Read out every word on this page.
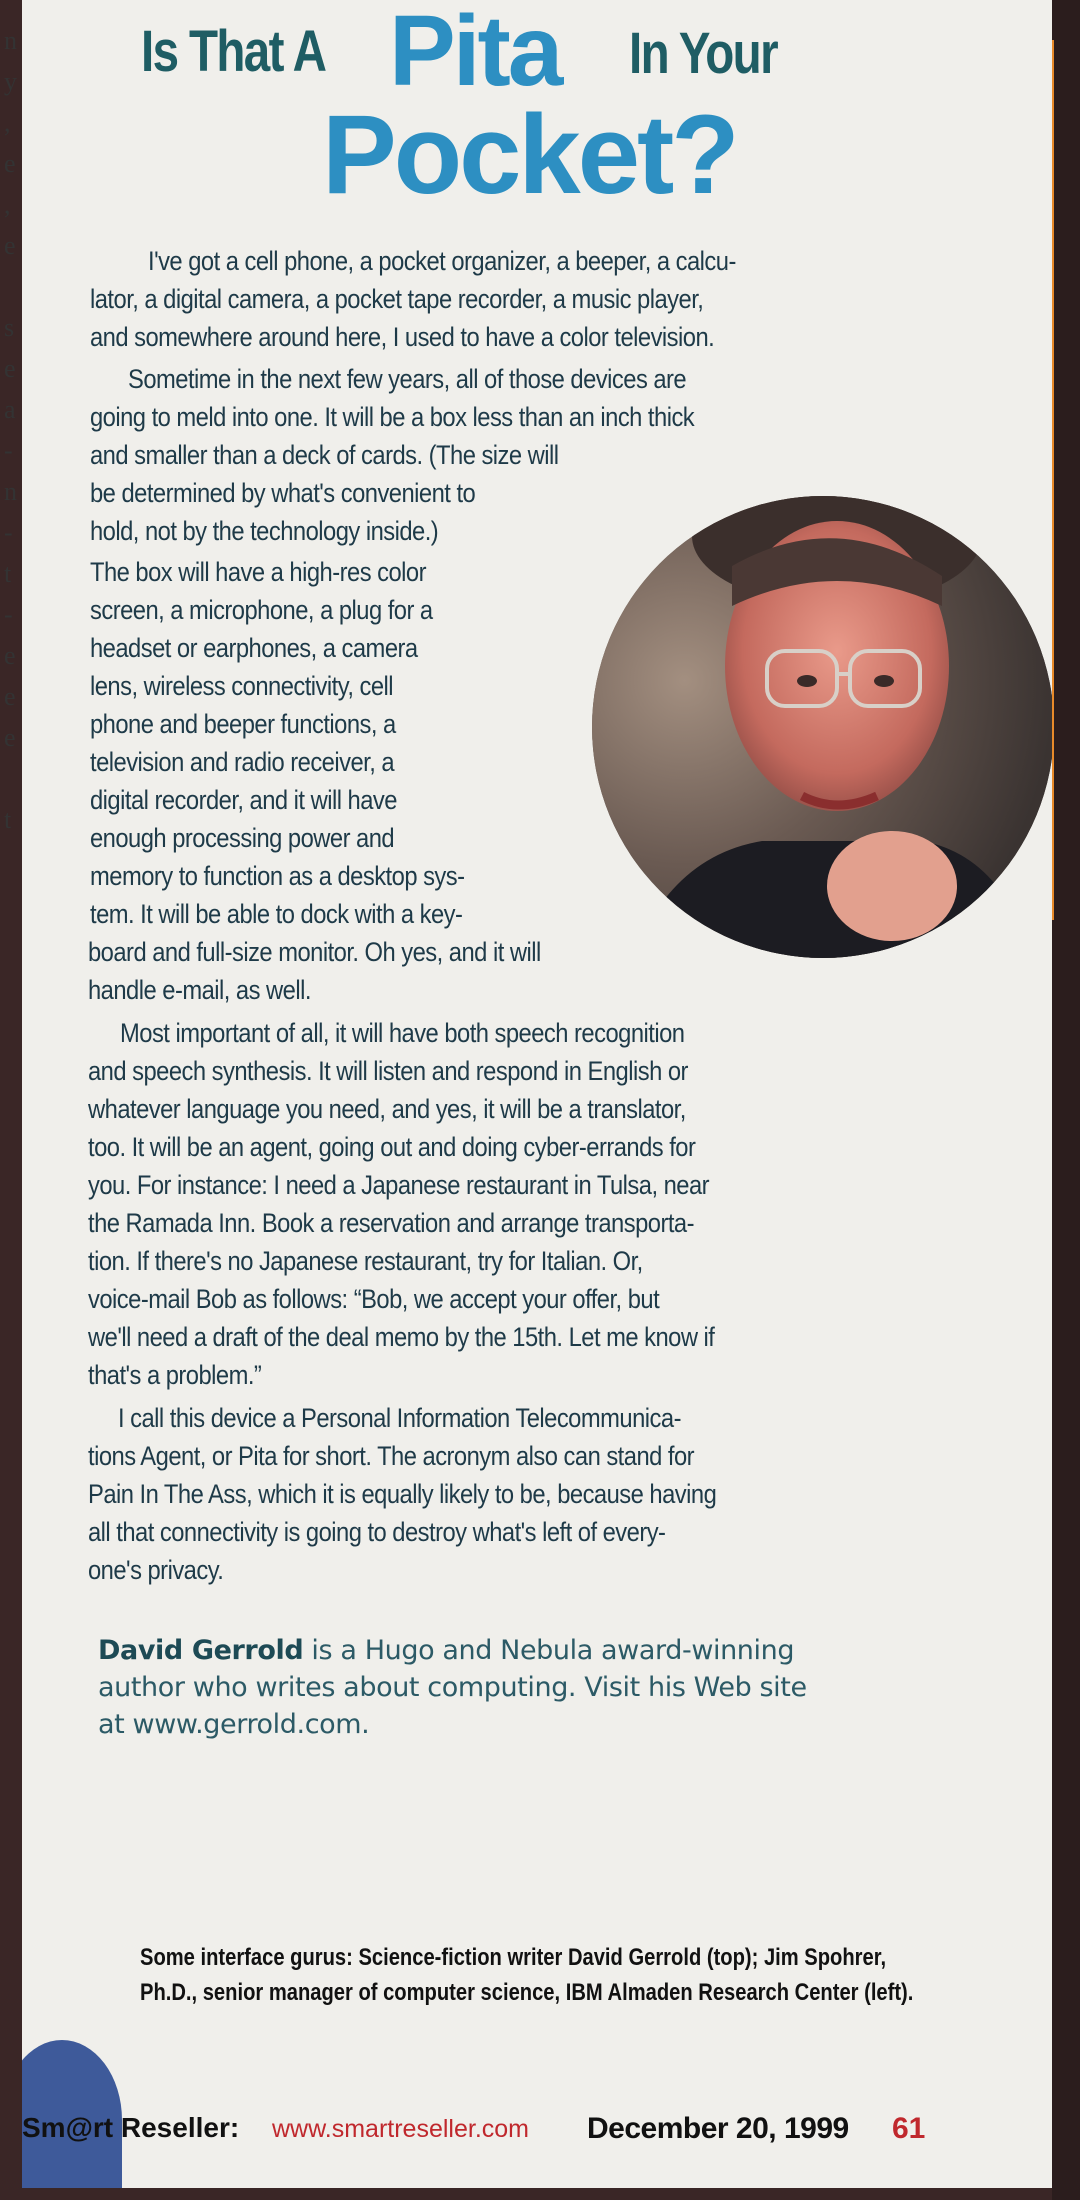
n
y
,
e
,
e

s
e
a
-
n
-
t
-
e
e
e

t
Is That A Pita In Your
Pocket?
I've got a cell phone, a pocket organizer, a beeper, a calcu-
lator, a digital camera, a pocket tape recorder, a music player,
and somewhere around here, I used to have a color television.
Sometime in the next few years, all of those devices are
going to meld into one. It will be a box less than an inch thick
and smaller than a deck of cards. (The size will
be determined by what's convenient to
hold, not by the technology inside.)
The box will have a high-res color
screen, a microphone, a plug for a
headset or earphones, a camera
lens, wireless connectivity, cell
phone and beeper functions, a
television and radio receiver, a
digital recorder, and it will have
enough processing power and
memory to function as a desktop sys-
tem. It will be able to dock with a key-
board and full-size monitor. Oh yes, and it will
handle e-mail, as well.
Most important of all, it will have both speech recognition
and speech synthesis. It will listen and respond in English or
whatever language you need, and yes, it will be a translator,
too. It will be an agent, going out and doing cyber-errands for
you. For instance: I need a Japanese restaurant in Tulsa, near
the Ramada Inn. Book a reservation and arrange transporta-
tion. If there's no Japanese restaurant, try for Italian. Or,
voice-mail Bob as follows: “Bob, we accept your offer, but
we'll need a draft of the deal memo by the 15th. Let me know if
that's a problem.”
I call this device a Personal Information Telecommunica-
tions Agent, or Pita for short. The acronym also can stand for
Pain In The Ass, which it is equally likely to be, because having
all that connectivity is going to destroy what's left of every-
one's privacy.
David Gerrold is a Hugo and Nebula award-winning
author who writes about computing. Visit his Web site
at www.gerrold.com.
Some interface gurus: Science-fiction writer David Gerrold (top); Jim Spohrer,
Ph.D., senior manager of computer science, IBM Almaden Research Center (left).
Sm@rt Reseller: www.smartreseller.com December 20, 1999 61
